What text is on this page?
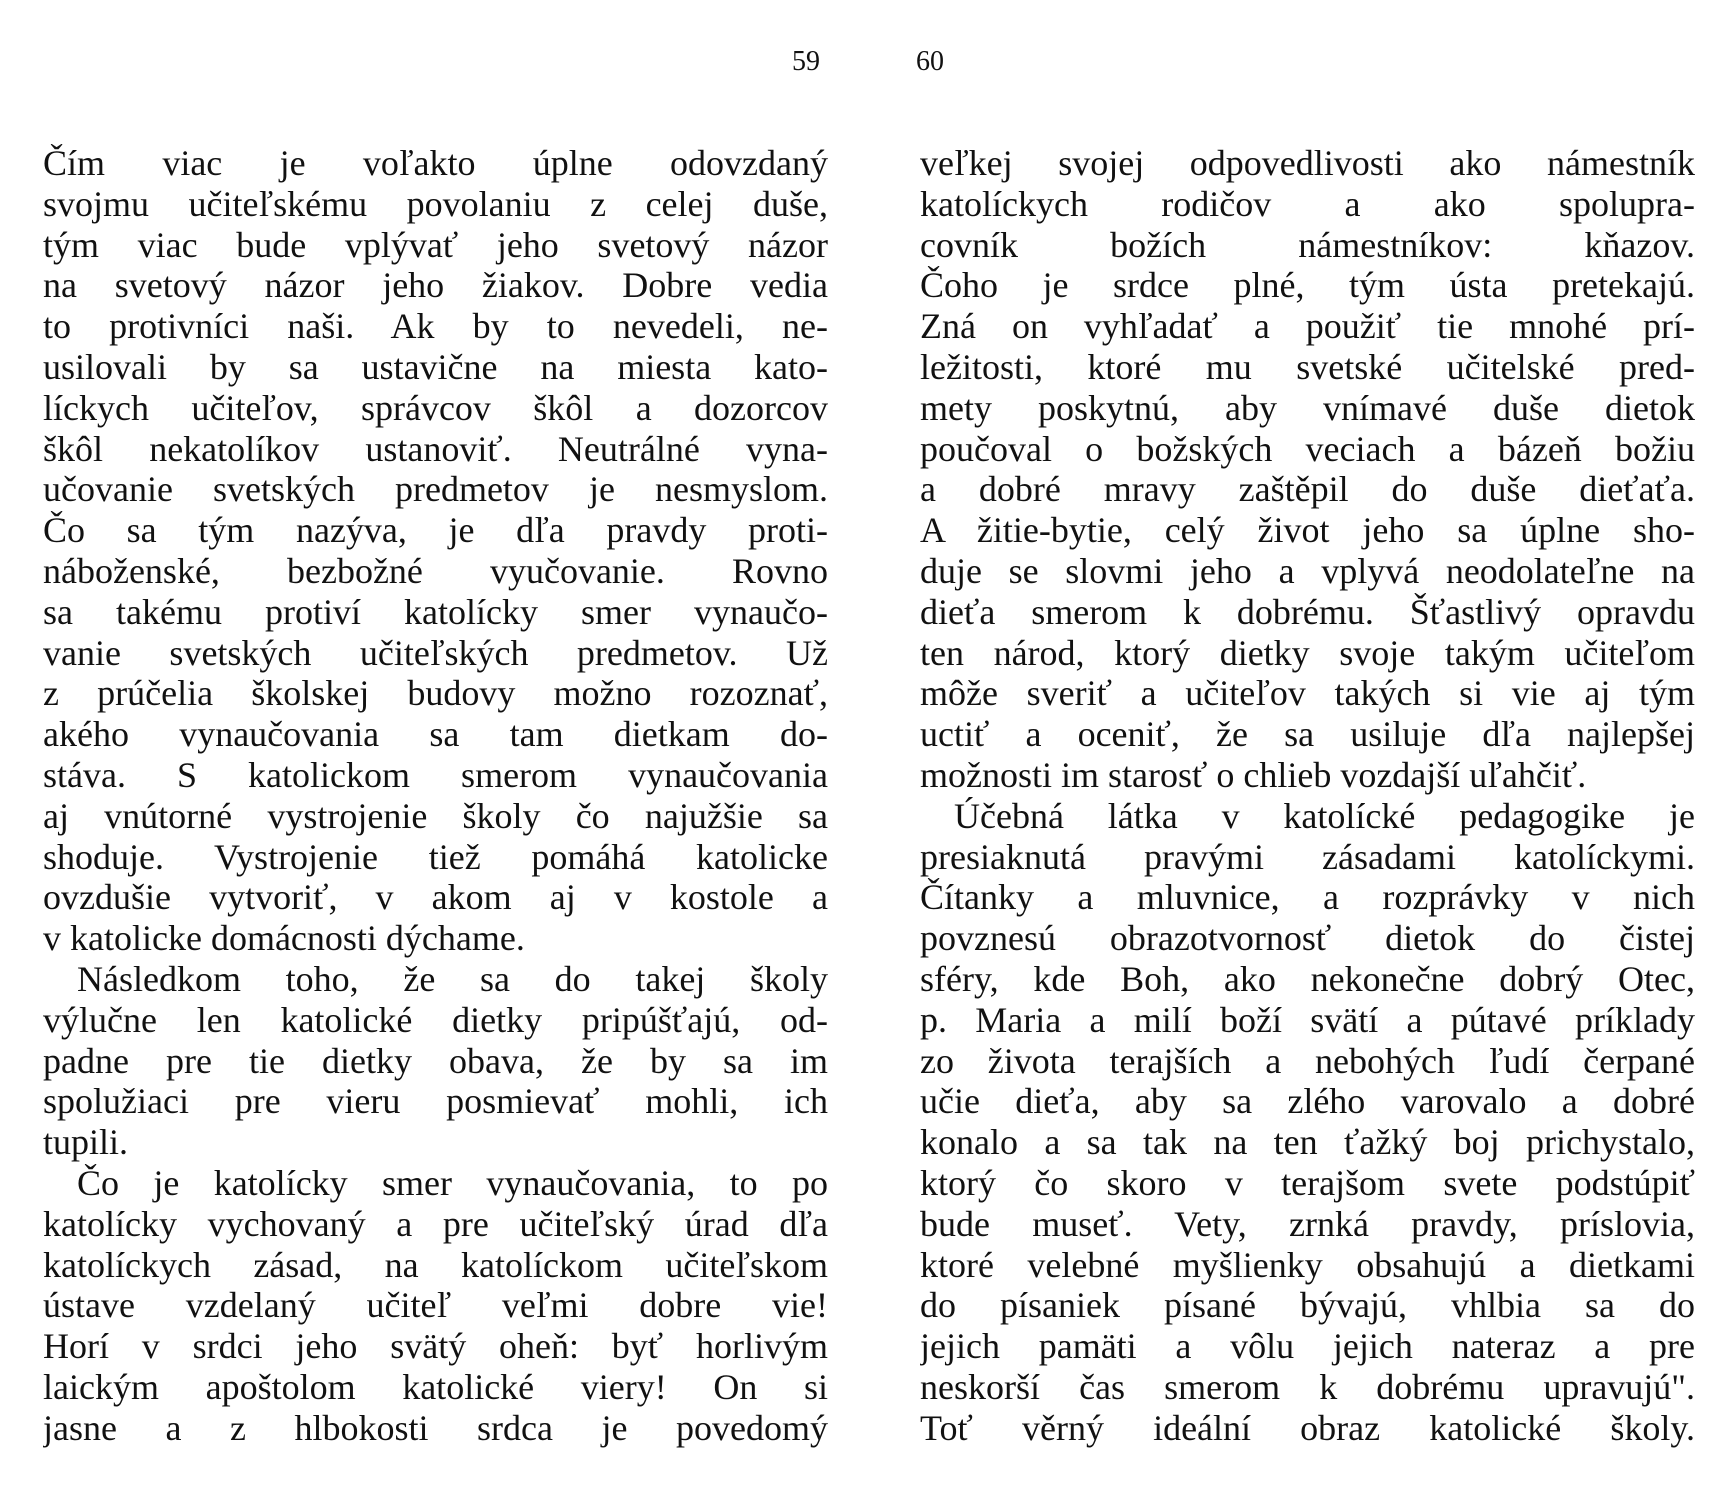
59	60
Čím viac je voľakto úplne odovzdaný
svojmu učiteľskému povolaniu z celej duše,
tým viac bude vplývať jeho svetový názor
na svetový názor jeho žiakov. Dobre vedia
to protivníci naši. Ak by to nevedeli, ne-
usilovali by sa ustavične na miesta kato-
líckych učiteľov, správcov škôl a dozorcov
škôl nekatolíkov ustanoviť. Neutrálné vyna-
učovanie svetských predmetov je nesmyslom.
Čo sa tým nazýva, je dľa pravdy proti-
náboženské, bezbožné vyučovanie. Rovno
sa takému protiví katolícky smer vynaučo-
vanie svetských učiteľských predmetov. Už
z prúčelia školskej budovy možno rozoznať,
akého vynaučovania sa tam dietkam do-
stáva. S katolickom smerom vynaučovania
aj vnútorné vystrojenie školy čo najužšie sa
shoduje. Vystrojenie tiež pomáhá katolicke
ovzdušie vytvoriť, v akom aj v kostole a
v katolicke domácnosti dýchame.
Následkom toho, že sa do takej školy
výlučne len katolické dietky pripúšťajú, od-
padne pre tie dietky obava, že by sa im
spolužiaci pre vieru posmievať mohli, ich
tupili.
Čo je katolícky smer vynaučovania, to po
katolícky vychovaný a pre učiteľský úrad dľa
katolíckych zásad, na katolíckom učiteľskom
ústave vzdelaný učiteľ veľmi dobre vie!
Horí v srdci jeho svätý oheň: byť horlivým
laickým apoštolom katolické viery! On si
jasne a z hlbokosti srdca je povedomý
veľkej svojej odpovedlivosti ako námestník
katolíckych rodičov a ako spolupra-
covník božích námestníkov: kňazov.
Čoho je srdce plné, tým ústa pretekajú.
Zná on vyhľadať a použiť tie mnohé prí-
ležitosti, ktoré mu svetské učitelské pred-
mety poskytnú, aby vnímavé duše dietok
poučoval o božských veciach a bázeň božiu
a dobré mravy zaštěpil do duše dieťaťa.
A žitie-bytie, celý život jeho sa úplne sho-
duje se slovmi jeho a vplyvá neodolateľne na
dieťa smerom k dobrému. Šťastlivý opravdu
ten národ, ktorý dietky svoje takým učiteľom
môže sveriť a učiteľov takých si vie aj tým
uctiť a oceniť, že sa usiluje dľa najlepšej
možnosti im starosť o chlieb vozdajší uľahčiť.
Účebná látka v katolícké pedagogike je
presiaknutá pravými zásadami katolíckymi.
Čítanky a mluvnice, a rozprávky v nich
povznesú obrazotvornosť dietok do čistej
sféry, kde Boh, ako nekonečne dobrý Otec,
p. Maria a milí boží svätí a pútavé príklady
zo života terajších a nebohých ľudí čerpané
učie dieťa, aby sa zlého varovalo a dobré
konalo a sa tak na ten ťažký boj prichystalo,
ktorý čo skoro v terajšom svete podstúpiť
bude museť. Vety, zrnká pravdy, príslovia,
ktoré velebné myšlienky obsahujú a dietkami
do písaniek písané bývajú, vhlbia sa do
jejich pamäti a vôlu jejich nateraz a pre
neskorší čas smerom k dobrému upravujú".
Toť věrný ideální obraz katolické školy.
